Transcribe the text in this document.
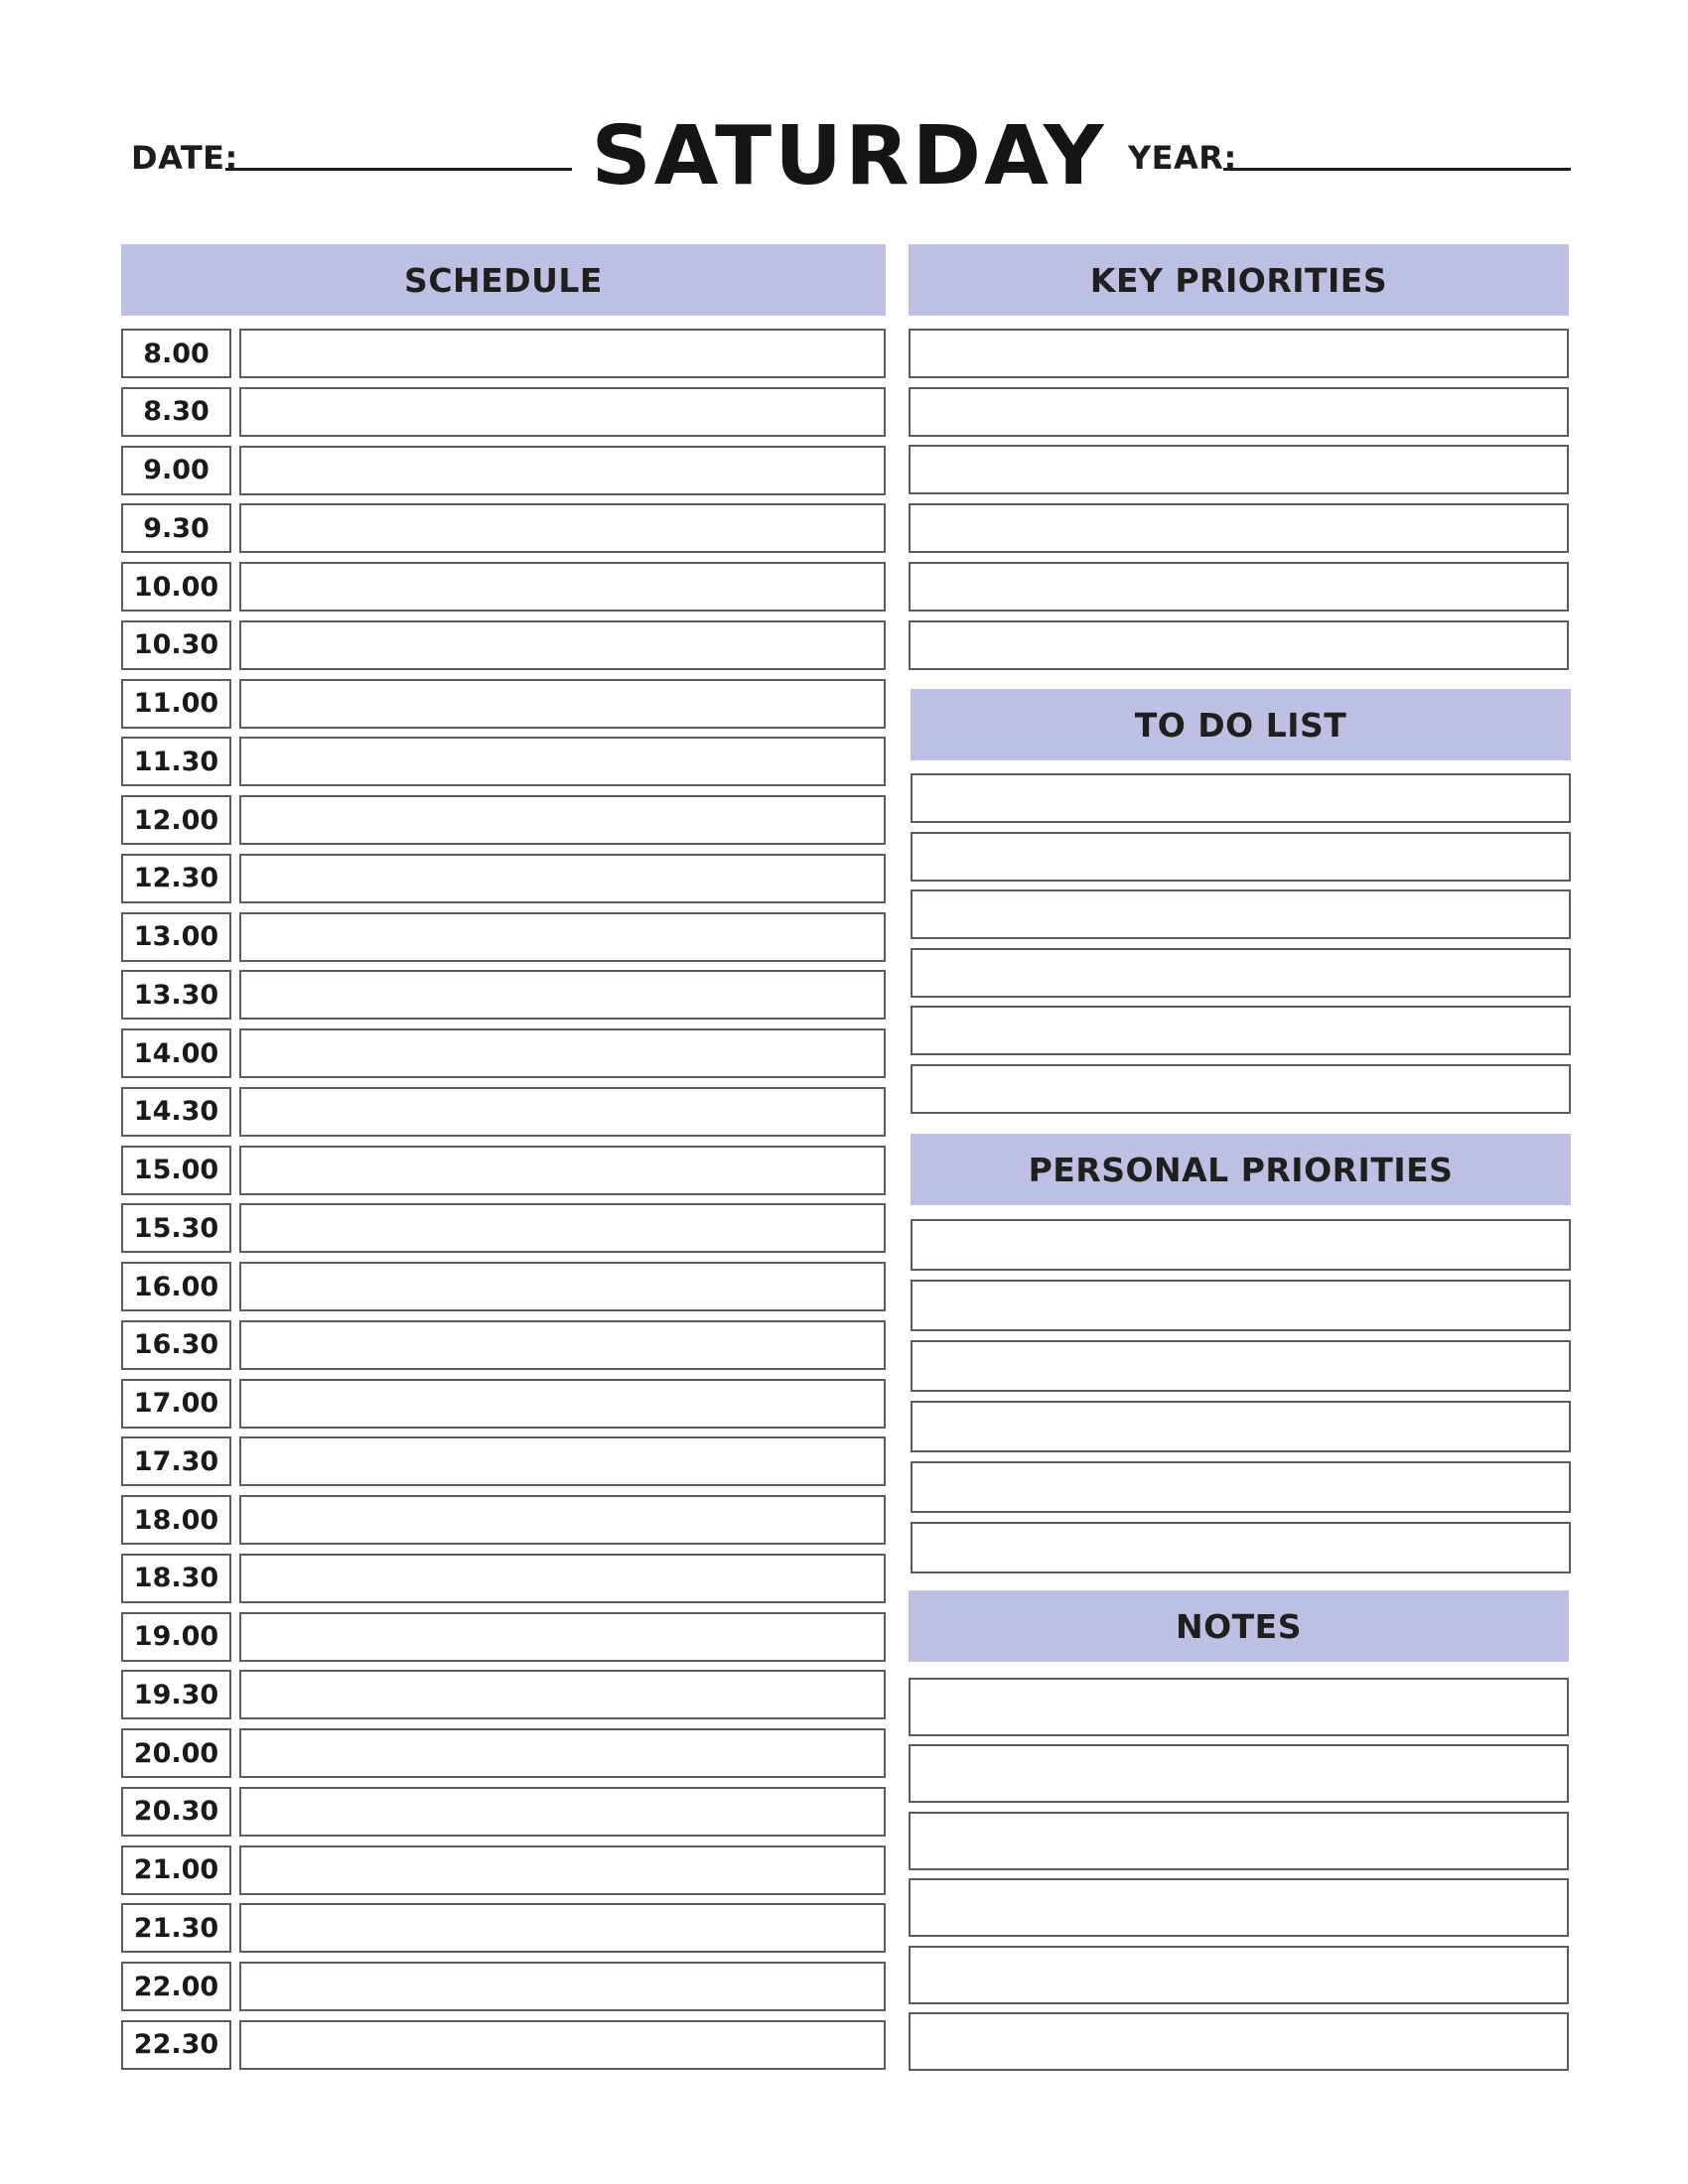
DATE:	SATURDAY YEAR:
SCHEDULE	KEY PRIORITIES
TO DO LIST
PERSONAL PRIORITIES
NOTES
8.00
8.30
9.00
9.30
10.00
10.30
11.00
11.30
12.00
12.30
13.00
13.30
14.00
14.30
15.00
15.30
16.00
16.30
17.00
17.30
18.00
18.30
19.00
19.30
20.00
20.30
21.00
21.30
22.00
22.30
